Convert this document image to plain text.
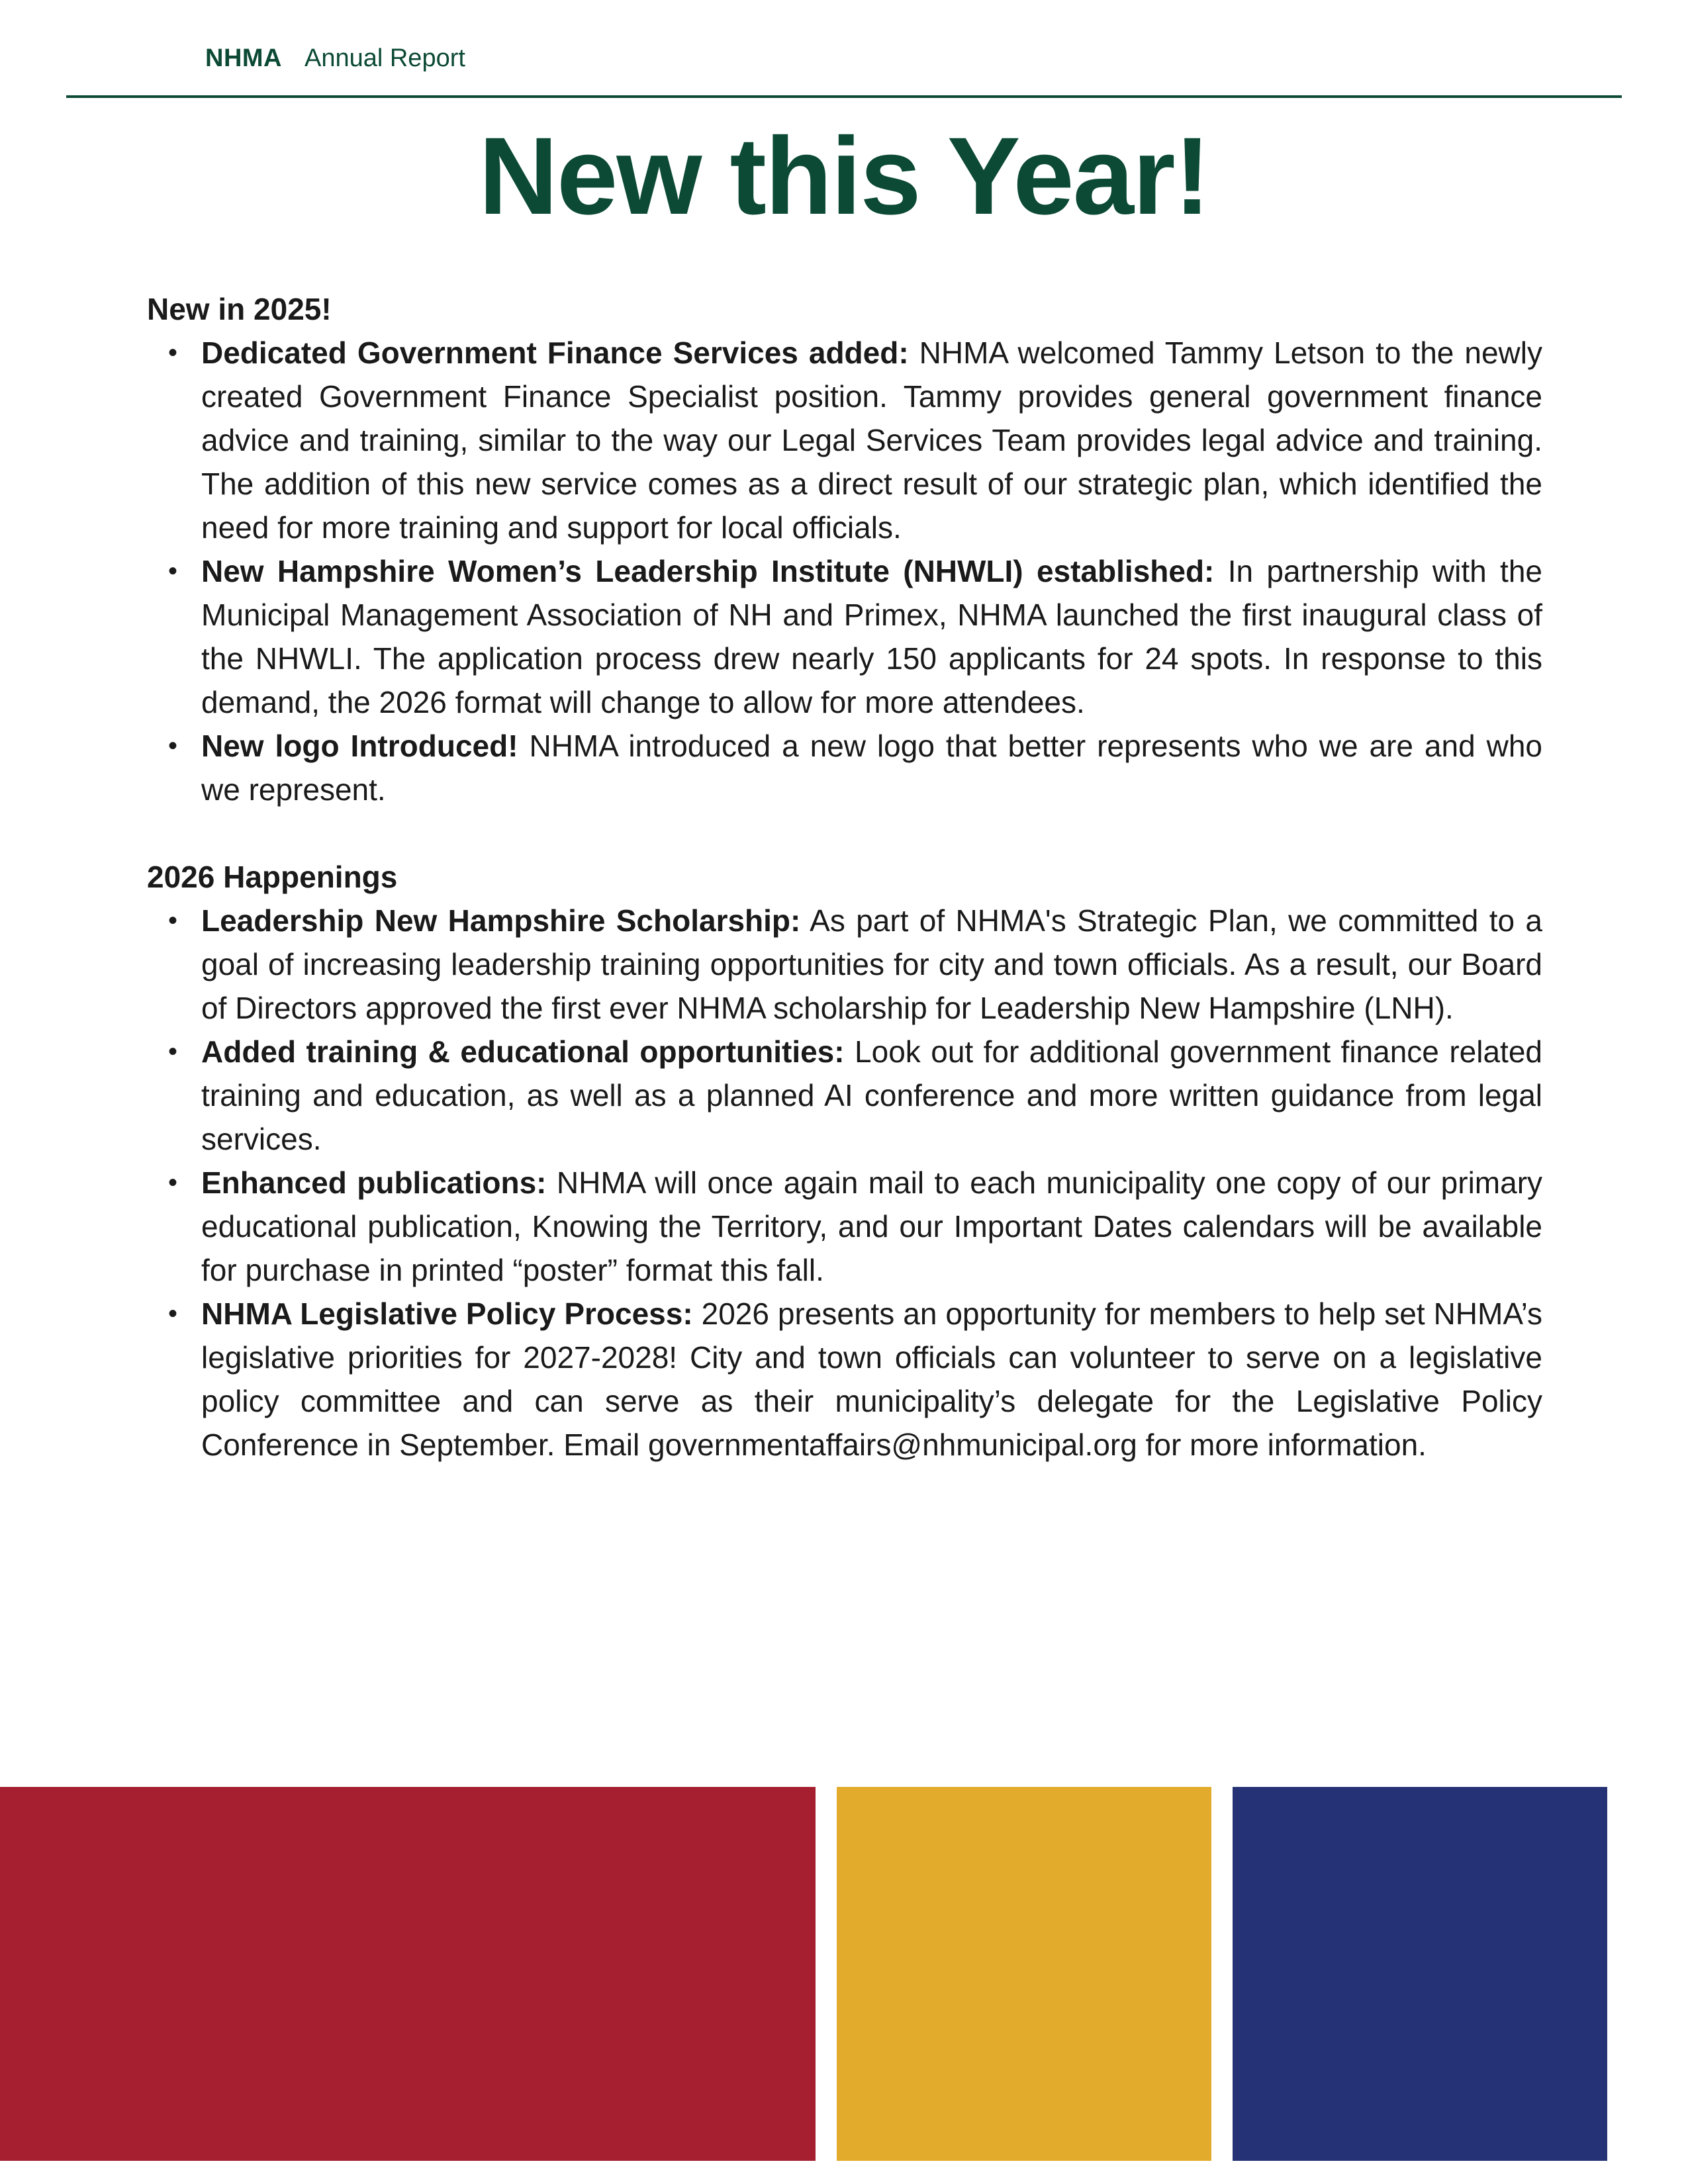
NHMA Annual Report
New this Year!

New in 2025!

• Dedicated Government Finance Services added: NHMA welcomed Tammy Letson to the newly created Government Finance Specialist position. Tammy provides general government finance advice and training, similar to the way our Legal Services Team provides legal advice and training. The addition of this new service comes as a direct result of our strategic plan, which identified the need for more training and support for local officials.
• New Hampshire Women’s Leadership Institute (NHWLI) established: In partnership with the Municipal Management Association of NH and Primex, NHMA launched the first inaugural class of the NHWLI. The application process drew nearly 150 applicants for 24 spots. In response to this demand, the 2026 format will change to allow for more attendees.
• New logo Introduced! NHMA introduced a new logo that better represents who we are and who we represent.

2026 Happenings

• Leadership New Hampshire Scholarship: As part of NHMA's Strategic Plan, we committed to a goal of increasing leadership training opportunities for city and town officials. As a result, our Board of Directors approved the first ever NHMA scholarship for Leadership New Hampshire (LNH).
• Added training & educational opportunities: Look out for additional government finance related training and education, as well as a planned AI conference and more written guidance from legal services.
• Enhanced publications: NHMA will once again mail to each municipality one copy of our primary educational publication, Knowing the Territory, and our Important Dates calendars will be available for purchase in printed “poster” format this fall.
• NHMA Legislative Policy Process: 2026 presents an opportunity for members to help set NHMA’s legislative priorities for 2027-2028! City and town officials can volunteer to serve on a legislative policy committee and can serve as their municipality’s delegate for the Legislative Policy Conference in September. Email governmentaffairs@nhmunicipal.org for more information.
